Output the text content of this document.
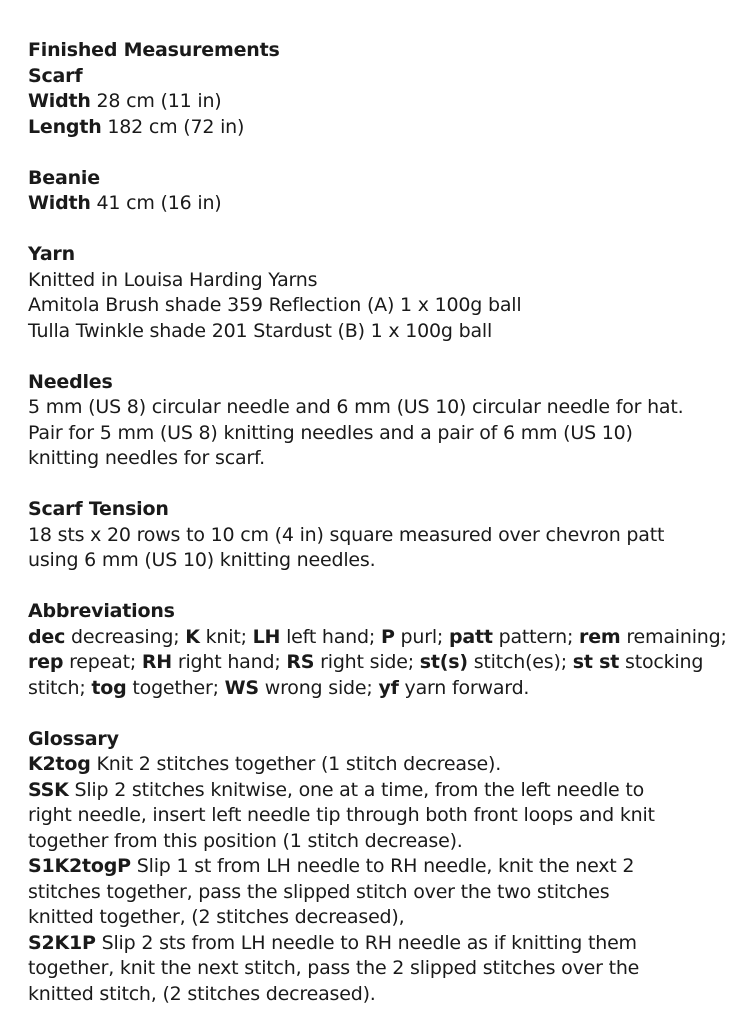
Finished Measurements
Scarf
Width 28 cm (11 in)
Length 182 cm (72 in)
Beanie
Width 41 cm (16 in)
Yarn
Knitted in Louisa Harding Yarns
Amitola Brush shade 359 Reflection (A) 1 x 100g ball
Tulla Twinkle shade 201 Stardust (B) 1 x 100g ball
Needles
5 mm (US 8) circular needle and 6 mm (US 10) circular needle for hat.
Pair for 5 mm (US 8) knitting needles and a pair of 6 mm (US 10)
knitting needles for scarf.
Scarf Tension
18 sts x 20 rows to 10 cm (4 in) square measured over chevron patt
using 6 mm (US 10) knitting needles.
Abbreviations
dec decreasing; K knit; LH left hand; P purl; patt pattern; rem remaining;
rep repeat; RH right hand; RS right side; st(s) stitch(es); st st stocking
stitch; tog together; WS wrong side; yf yarn forward.
Glossary
K2tog Knit 2 stitches together (1 stitch decrease).
SSK Slip 2 stitches knitwise, one at a time, from the left needle to
right needle, insert left needle tip through both front loops and knit
together from this position (1 stitch decrease).
S1K2togP Slip 1 st from LH needle to RH needle, knit the next 2
stitches together, pass the slipped stitch over the two stitches
knitted together, (2 stitches decreased),
S2K1P Slip 2 sts from LH needle to RH needle as if knitting them
together, knit the next stitch, pass the 2 slipped stitches over the
knitted stitch, (2 stitches decreased).
